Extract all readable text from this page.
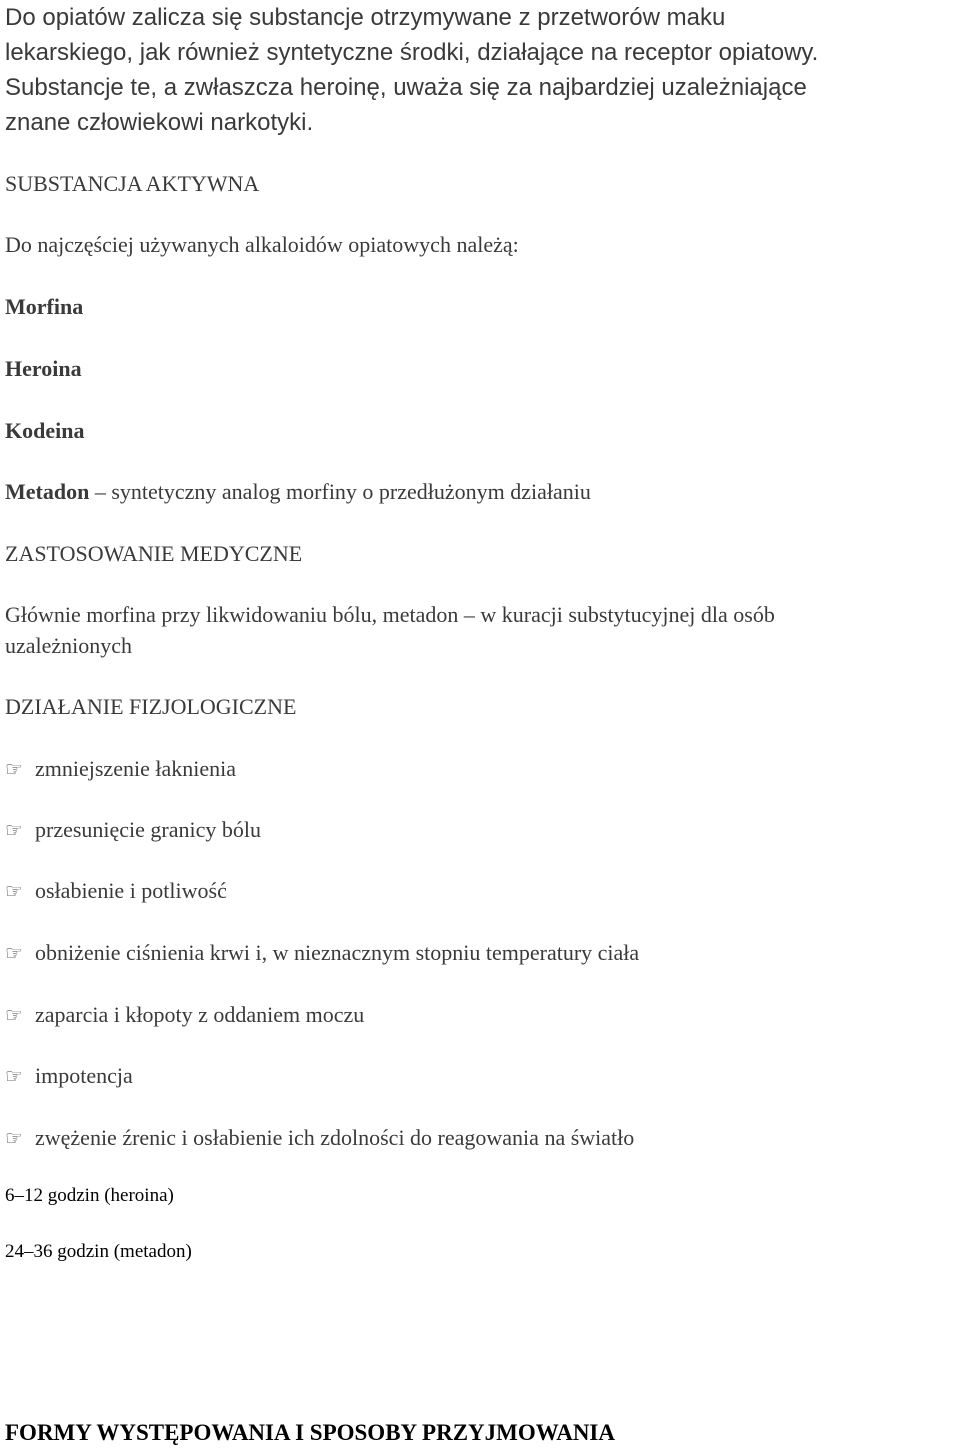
Do opiatów zalicza się substancje otrzymywane z przetworów maku
lekarskiego, jak również syntetyczne środki, działające na receptor opiatowy.
Substancje te, a zwłaszcza heroinę, uważa się za najbardziej uzależniające
znane człowiekowi narkotyki.

SUBSTANCJA AKTYWNA

Do najczęściej używanych alkaloidów opiatowych należą:

Morfina

Heroina

Kodeina

Metadon – syntetyczny analog morfiny o przedłużonym działaniu

ZASTOSOWANIE MEDYCZNE

Głównie morfina przy likwidowaniu bólu, metadon – w kuracji substytucyjnej dla osób

uzależnionych

DZIAŁANIE FIZJOLOGICZNE

☞ zmniejszenie łaknienia

☞ przesunięcie granicy bólu

☞ osłabienie i potliwość

☞ obniżenie ciśnienia krwi i, w nieznacznym stopniu temperatury ciała

☞ zaparcia i kłopoty z oddaniem moczu

☞ impotencja

☞ zwężenie źrenic i osłabienie ich zdolności do reagowania na światło

6–12 godzin (heroina)

24–36 godzin (metadon)

FORMY WYSTĘPOWANIA I SPOSOBY PRZYJMOWANIA
